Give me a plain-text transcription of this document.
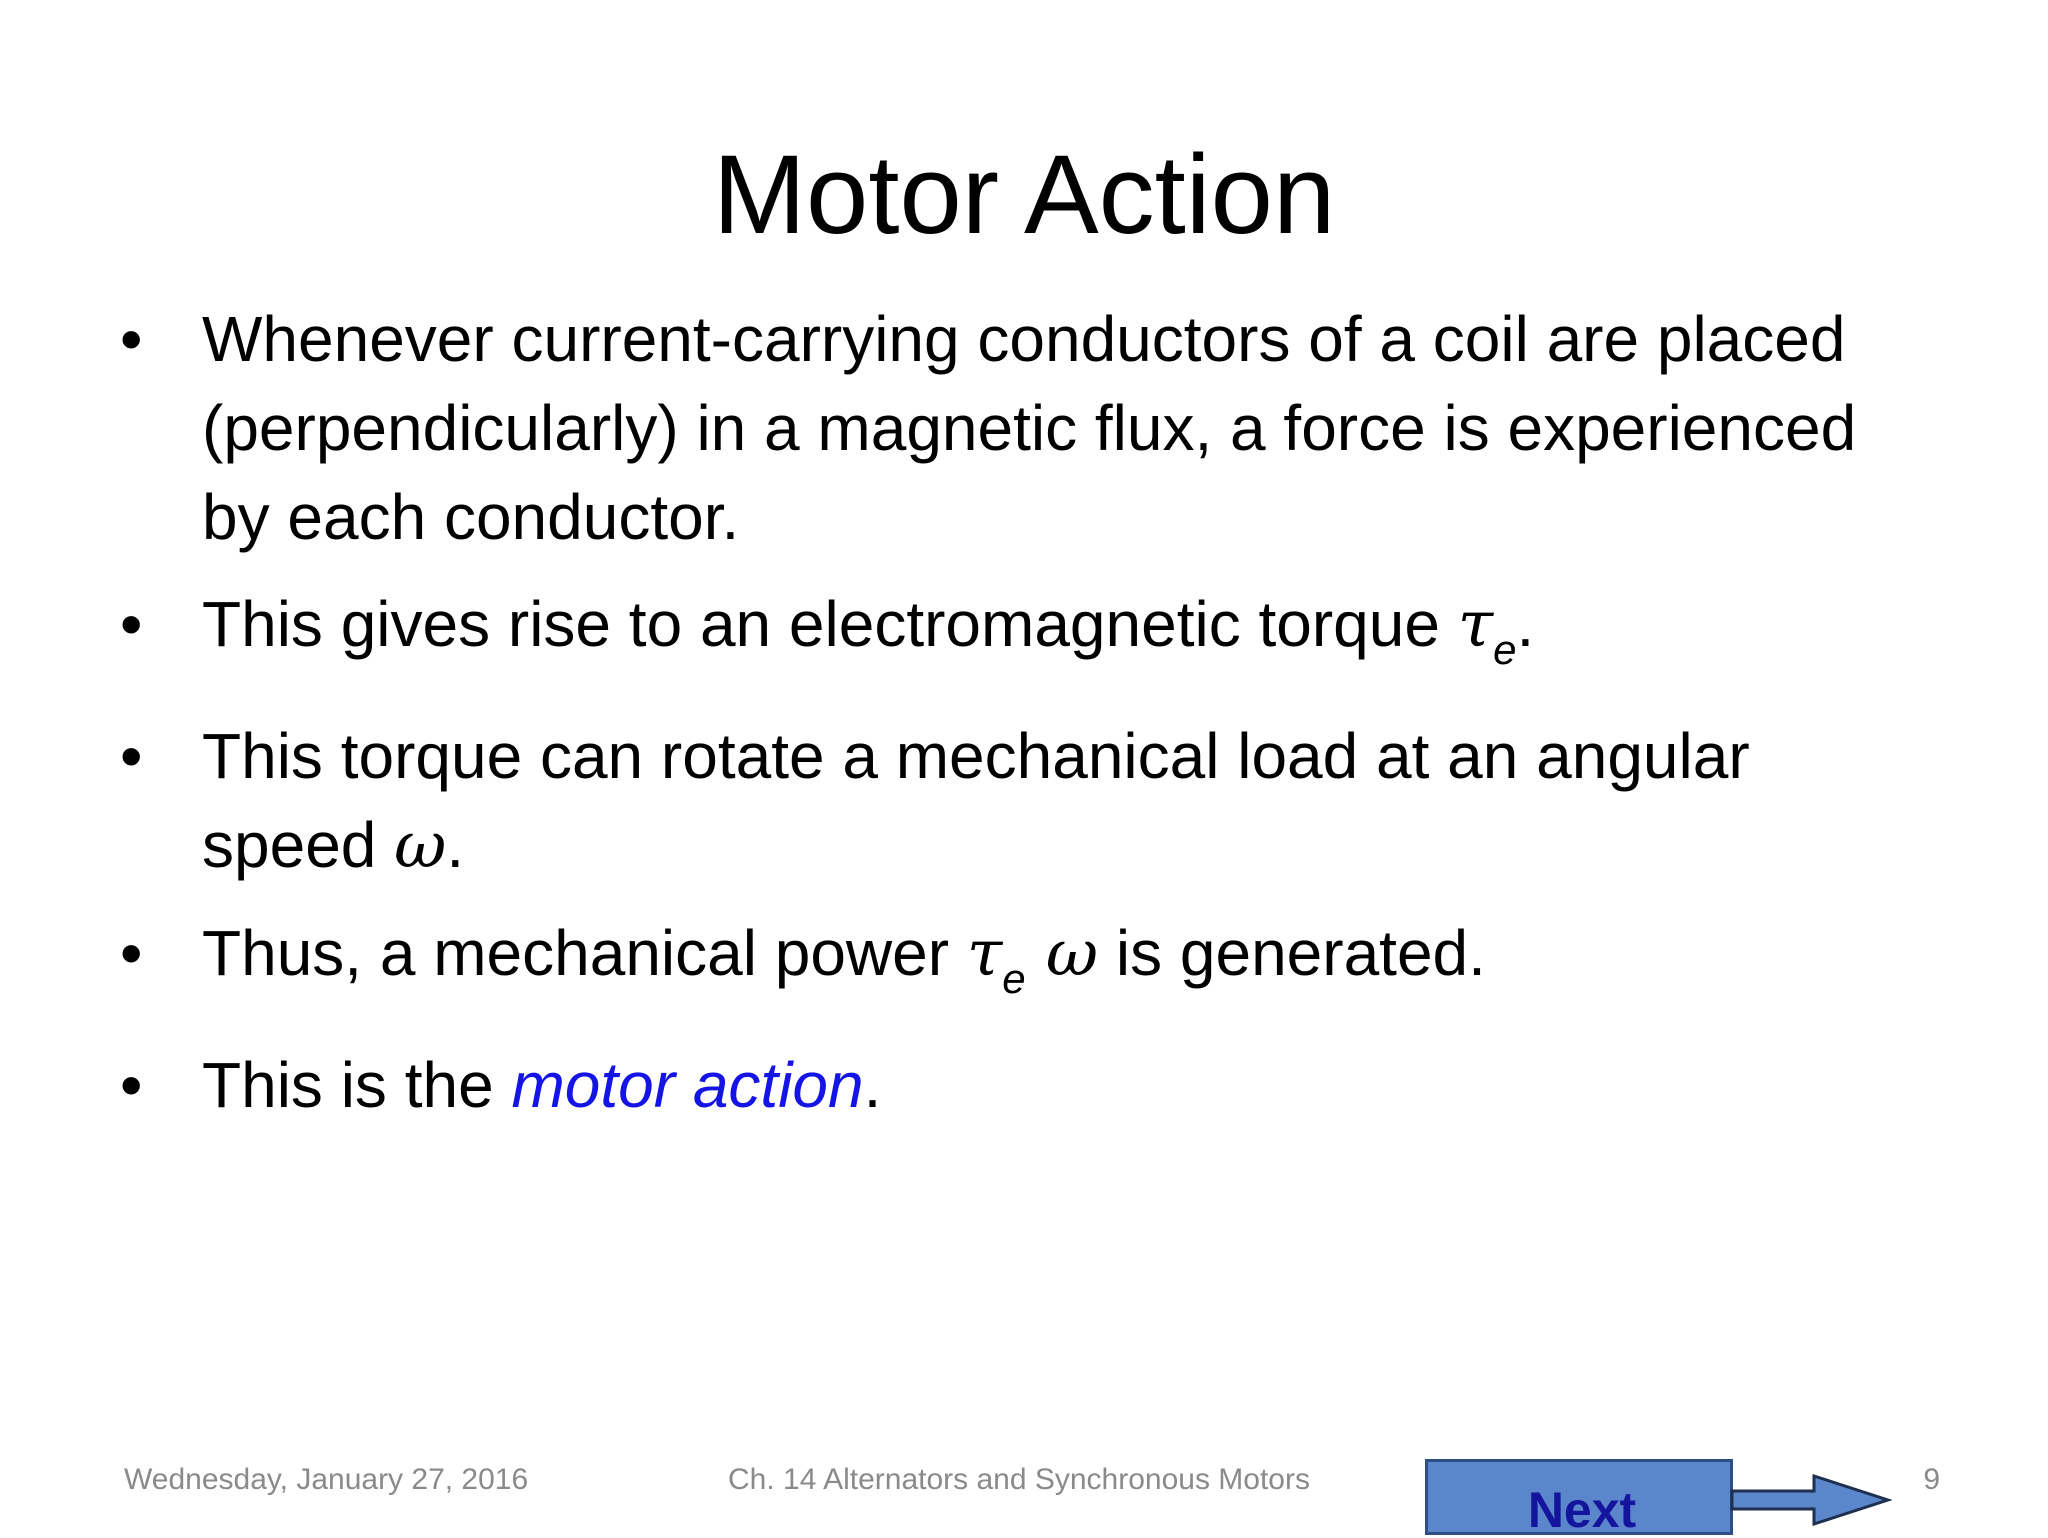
Motor Action
• Whenever current-carrying conductors of a coil are placed (perpendicularly) in a magnetic flux, a force is experienced by each conductor.
• This gives rise to an electromagnetic torque $\tau_e$.
• This torque can rotate a mechanical load at an angular speed ω.
• Thus, a mechanical power $\tau_e$ ω is generated.
• This is the motor action.
Wednesday, January 27, 2016	Ch. 14 Alternators and Synchronous Motors	9
Next
